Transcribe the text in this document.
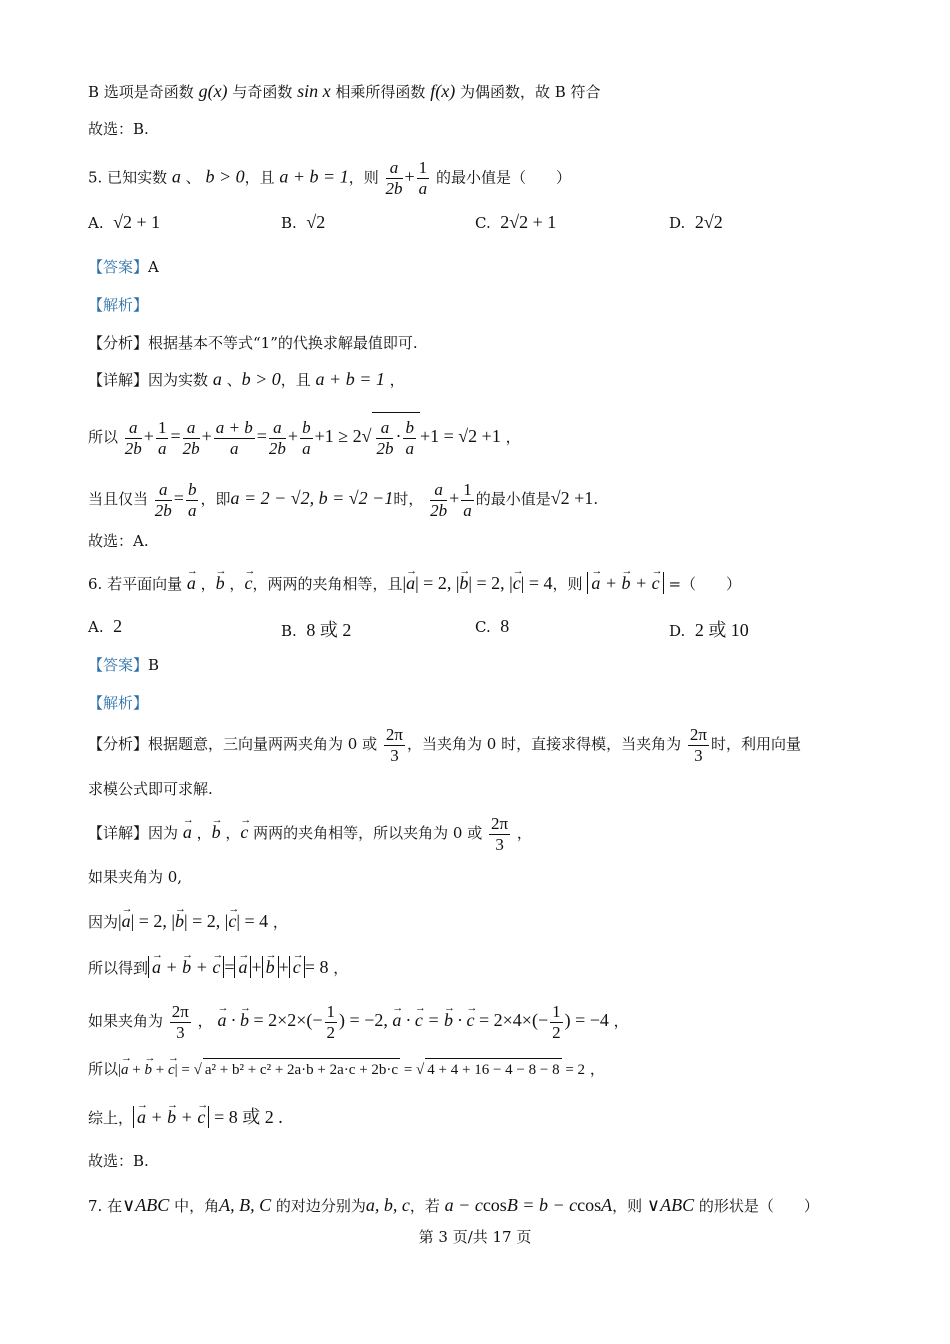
B 选项是奇函数 g(x) 与奇函数 sin x 相乘所得函数 f(x) 为偶函数，故 B 符合
故选：B.
5. 已知实数 a 、 b > 0，且 a + b = 1，则 $\frac{a}{2b} + \frac{1}{a}$ 的最小值是（　　）
A. √2 + 1	B. √2	C. 2√2 + 1	D. 2√2
【答案】A
【解析】
【分析】根据基本不等式“1”的代换求解最值即可.
【详解】因为实数 a 、b > 0，且 a + b = 1 ，
所以 $\frac{a}{2b} + \frac{1}{a} = \frac{a}{2b} + \frac{a + b}{a} = \frac{a}{2b} + \frac{b}{a} +1 \ge 2√ \frac{a}{2b} \cdot \frac{b}{a} +1 = √2 +1$ ，
当且仅当 $\frac{a}{2b} = \frac{b}{a}$ ，即a = 2 − √2, b = √2 −1时， $\frac{a}{2b} + \frac{1}{a}$ 的最小值是√2 +1.
故选：A.
6. 若平面向量 → a ，→ b ，→ c，两两的夹角相等，且|→ a| = 2, |→ b| = 2, |→ c| = 4，则 → a + → b + → c =（　　）
A. 2	B. 8 或 2	C. 8	D. 2 或 10
【答案】B
【解析】
【分析】根据题意，三向量两两夹角为 0 或 $\frac{2\pi}{3}$ ，当夹角为 0 时，直接求得模，当夹角为 $\frac{2\pi}{3}$ 时，利用向量
求模公式即可求解.
【详解】因为 → a ，→ b ，→ c 两两的夹角相等，所以夹角为 0 或 $\frac{2\pi}{3}$ ，
如果夹角为 0,
因为|→ a| = 2, |→ b| = 2, |→ c| = 4 ，
所以得到 → a + → b + → c = → a + → b + → c = 8 ，
如果夹角为 $\frac{2\pi}{3}$ ， → a · → $b = 2\times 2\times(- \frac{1}{2}$ ) = −2, → a · → c = → b · → $c = 2\times 4\times(- \frac{1}{2}$ ) = −4 ，
所以|→ a + → b + → c| = √ a² + b² + c² + 2a·b + 2a·c + 2b·c = √ 4 + 4 + 16 − 4 − 8 − 8 = 2 ，
综上， → a + → b + → c = 8 或 2 .
故选：B.
7. 在∨ABC 中，角A, B, C 的对边分别为a, b, c，若 a − ccosB = b − ccosA，则 ∨ABC 的形状是（　　）
第 3 页/共 17 页
